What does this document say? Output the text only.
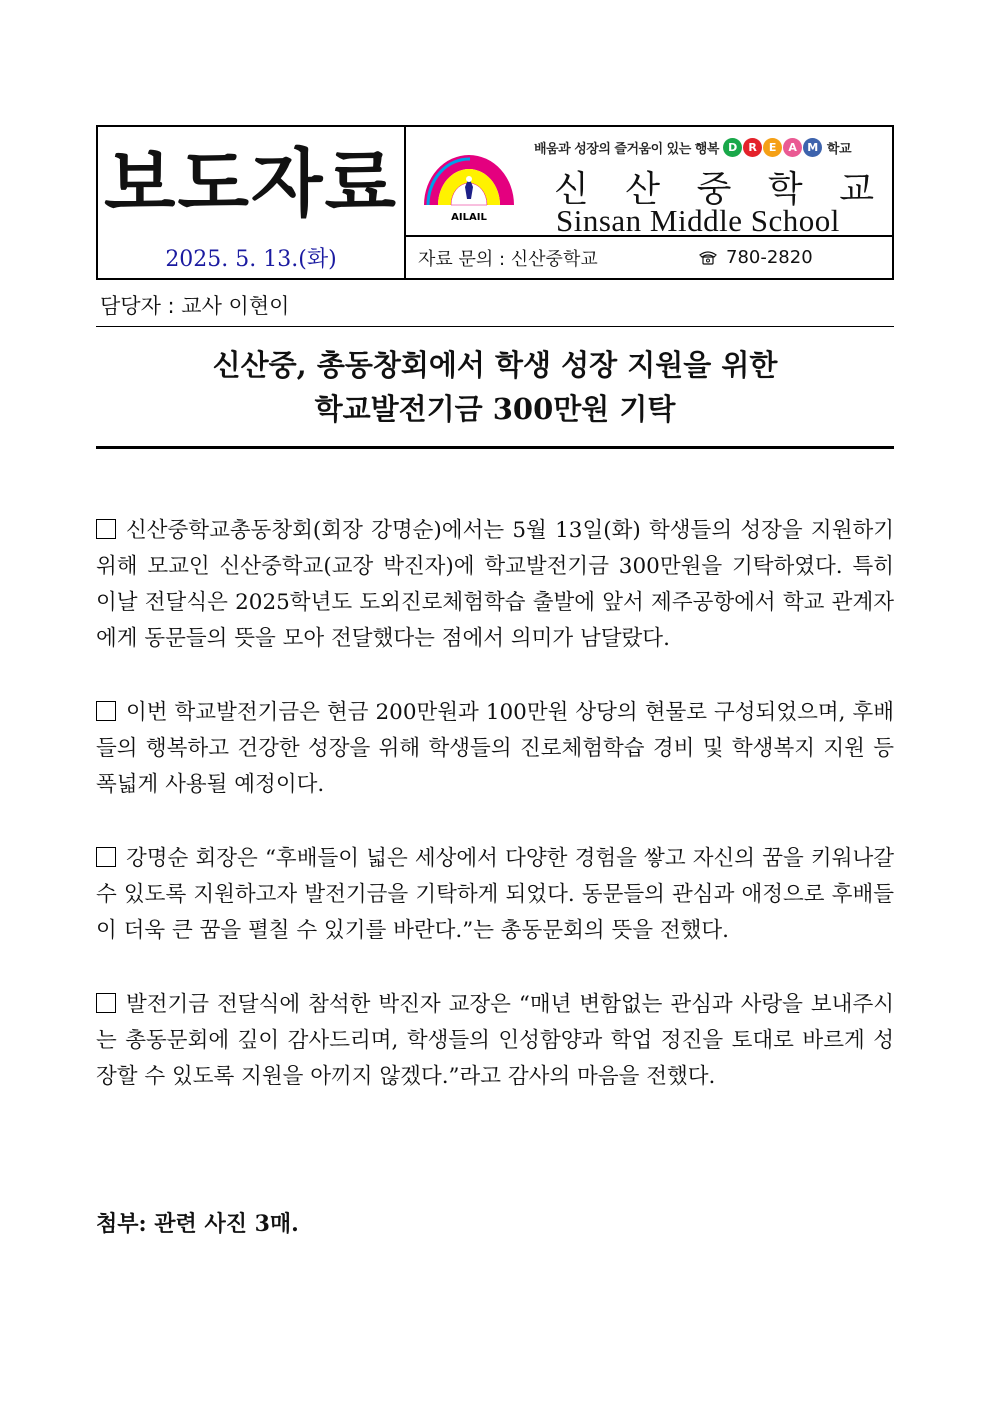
보도자료
2025. 5. 13.(화)
AILAIL
배움과 성장의 즐거움이 있는 행복 D	R	E	A M 학교
신 산 중 학 교
Sinsan Middle School
자료 문의 : 신산중학교	780-2820
담당자 : 교사 이현이
신산중, 총동창회에서 학생 성장 지원을 위한
학교발전기금 300만원 기탁

신산중학교총동창회(회장 강명순)에서는 5월 13일(화) 학생들의 성장을 지원하기 위해 모교인 신산중학교(교장 박진자)에 학교발전기금 300만원을 기탁하였다. 특히 이날 전달식은 2025학년도 도외진로체험학습 출발에 앞서 제주공항에서 학교 관계자에게 동문들의 뜻을 모아 전달했다는 점에서 의미가 남달랐다.

이번 학교발전기금은 현금 200만원과 100만원 상당의 현물로 구성되었으며, 후배들의 행복하고 건강한 성장을 위해 학생들의 진로체험학습 경비 및 학생복지 지원 등 폭넓게 사용될 예정이다.

강명순 회장은 “후배들이 넓은 세상에서 다양한 경험을 쌓고 자신의 꿈을 키워나갈 수 있도록 지원하고자 발전기금을 기탁하게 되었다. 동문들의 관심과 애정으로 후배들이 더욱 큰 꿈을 펼칠 수 있기를 바란다.”는 총동문회의 뜻을 전했다.

발전기금 전달식에 참석한 박진자 교장은 “매년 변함없는 관심과 사랑을 보내주시는 총동문회에 깊이 감사드리며, 학생들의 인성함양과 학업 정진을 토대로 바르게 성장할 수 있도록 지원을 아끼지 않겠다.”라고 감사의 마음을 전했다.

첨부: 관련 사진 3매.
